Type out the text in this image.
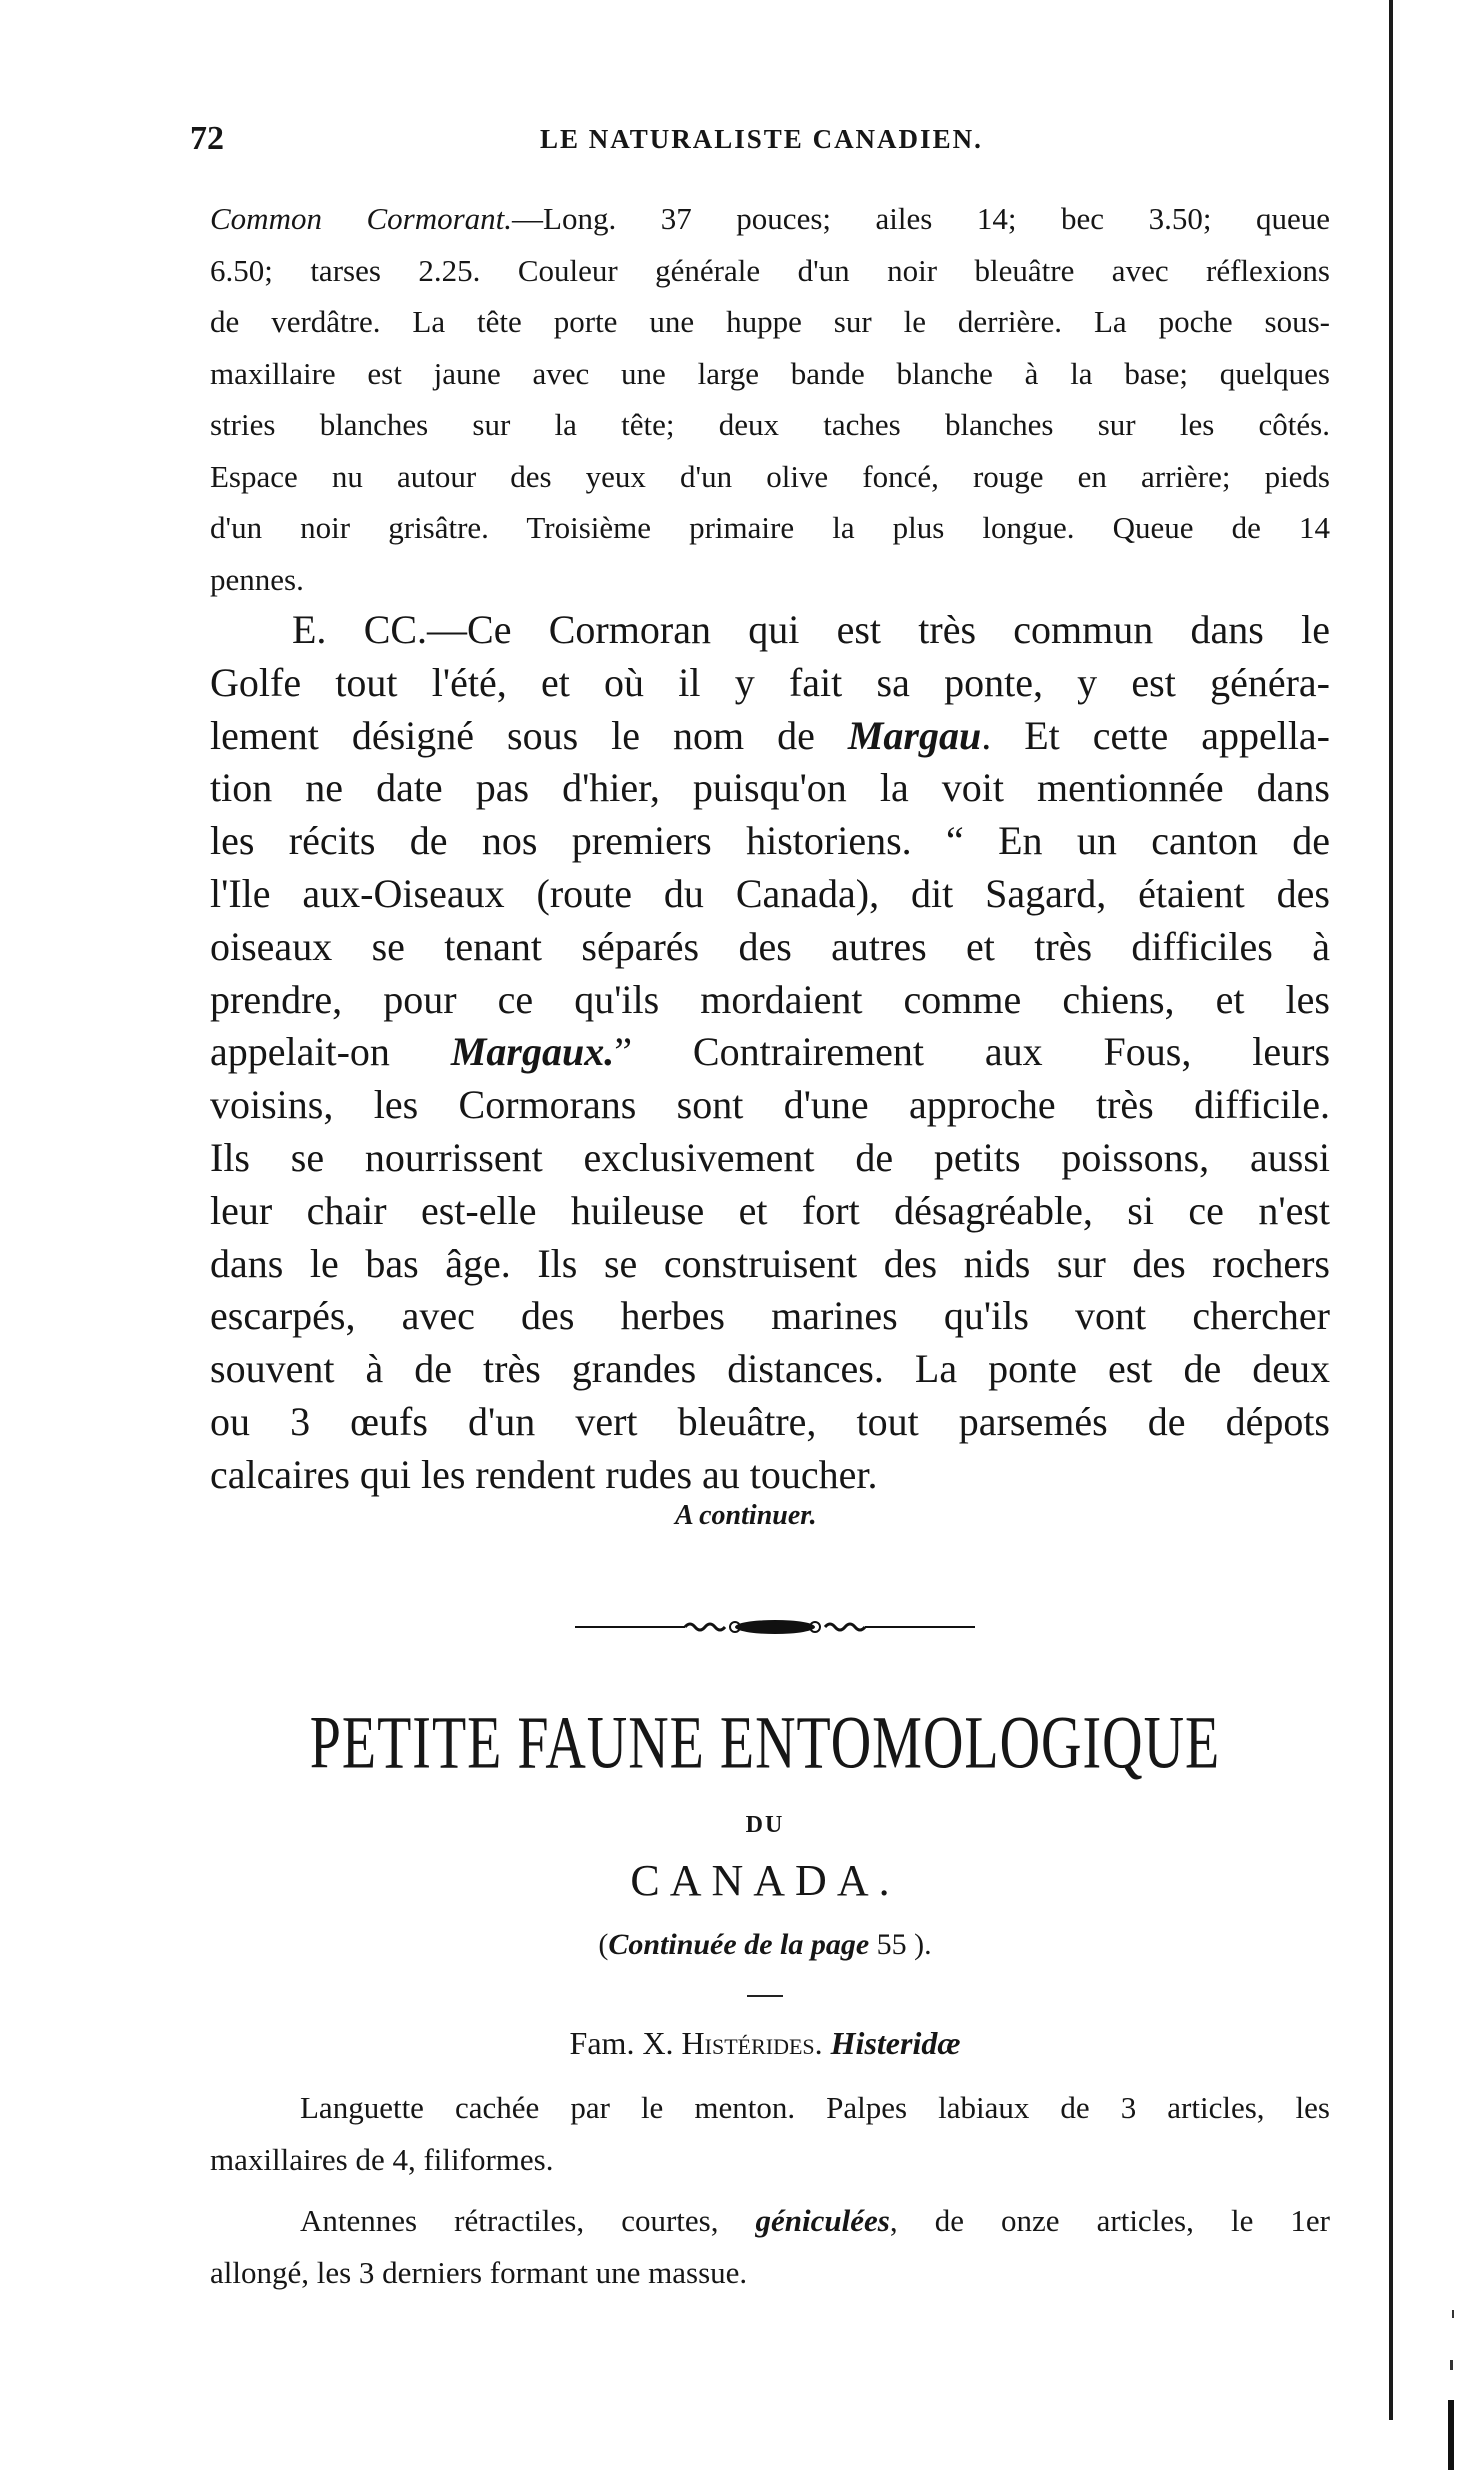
72	LE NATURALISTE CANADIEN.
Common Cormorant.—Long. 37 pouces; ailes 14; bec 3.50; queue
6.50; tarses 2.25. Couleur générale d'un noir bleuâtre avec réflexions
de verdâtre. La tête porte une huppe sur le derrière. La poche sous-
maxillaire est jaune avec une large bande blanche à la base; quelques
stries blanches sur la tête; deux taches blanches sur les côtés.
Espace nu autour des yeux d'un olive foncé, rouge en arrière; pieds
d'un noir grisâtre. Troisième primaire la plus longue. Queue de 14
pennes.
E. CC.—Ce Cormoran qui est très commun dans le
Golfe tout l'été, et où il y fait sa ponte, y est généra-
lement désigné sous le nom de Margau. Et cette appella-
tion ne date pas d'hier, puisqu'on la voit mentionnée dans
les récits de nos premiers historiens. “ En un canton de
l'Ile aux-Oiseaux (route du Canada), dit Sagard, étaient des
oiseaux se tenant séparés des autres et très difficiles à
prendre, pour ce qu'ils mordaient comme chiens, et les
appelait-on Margaux.” Contrairement aux Fous, leurs
voisins, les Cormorans sont d'une approche très difficile.
Ils se nourrissent exclusivement de petits poissons, aussi
leur chair est-elle huileuse et fort désagréable, si ce n'est
dans le bas âge. Ils se construisent des nids sur des rochers
escarpés, avec des herbes marines qu'ils vont chercher
souvent à de très grandes distances. La ponte est de deux
ou 3 œufs d'un vert bleuâtre, tout parsemés de dépots
calcaires qui les rendent rudes au toucher.
A continuer.
PETITE FAUNE ENTOMOLOGIQUE
DU
CANADA.
(Continuée de la page 55 ).
Fam. X. Histérides. Histeridæ
Languette cachée par le menton. Palpes labiaux de 3 articles, les
maxillaires de 4, filiformes.
Antennes rétractiles, courtes, géniculées, de onze articles, le 1er
allongé, les 3 derniers formant une massue.
